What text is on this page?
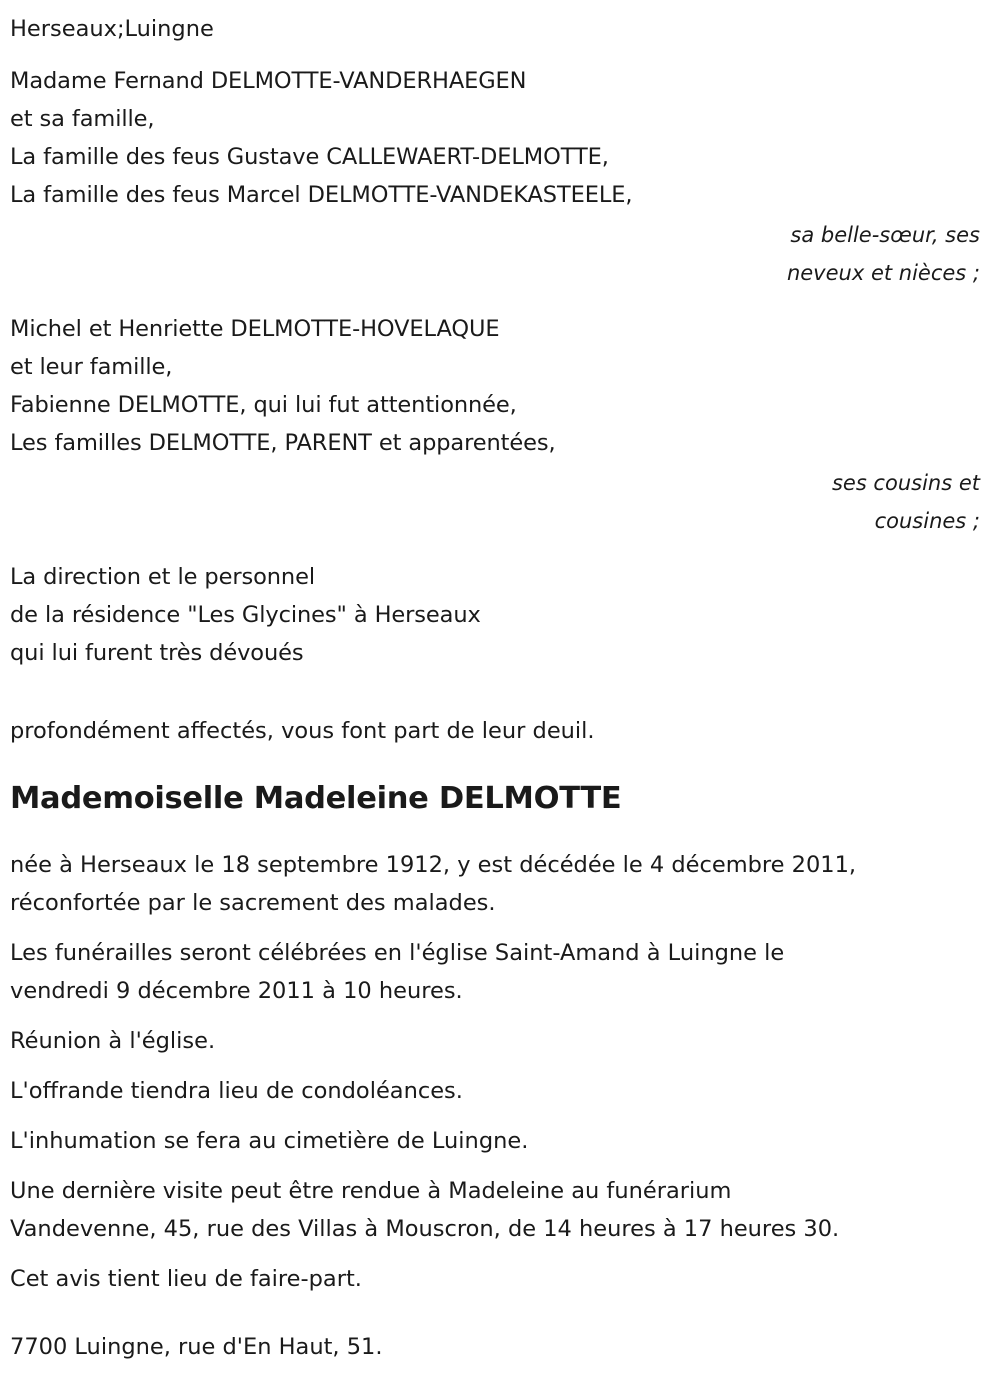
Herseaux;Luingne
Madame Fernand DELMOTTE-VANDERHAEGEN
et sa famille,
La famille des feus Gustave CALLEWAERT-DELMOTTE,
La famille des feus Marcel DELMOTTE-VANDEKASTEELE,
sa belle-sœur, ses
neveux et nièces ;
Michel et Henriette DELMOTTE-HOVELAQUE
et leur famille,
Fabienne DELMOTTE, qui lui fut attentionnée,
Les familles DELMOTTE, PARENT et apparentées,
ses cousins et
cousines ;
La direction et le personnel
de la résidence "Les Glycines" à Herseaux
qui lui furent très dévoués
profondément affectés, vous font part de leur deuil.
Mademoiselle Madeleine DELMOTTE
née à Herseaux le 18 septembre 1912, y est décédée le 4 décembre 2011,
réconfortée par le sacrement des malades.
Les funérailles seront célébrées en l'église Saint-Amand à Luingne le
vendredi 9 décembre 2011 à 10 heures.
Réunion à l'église.
L'offrande tiendra lieu de condoléances.
L'inhumation se fera au cimetière de Luingne.
Une dernière visite peut être rendue à Madeleine au funérarium
Vandevenne, 45, rue des Villas à Mouscron, de 14 heures à 17 heures 30.
Cet avis tient lieu de faire-part.
7700 Luingne, rue d'En Haut, 51.
